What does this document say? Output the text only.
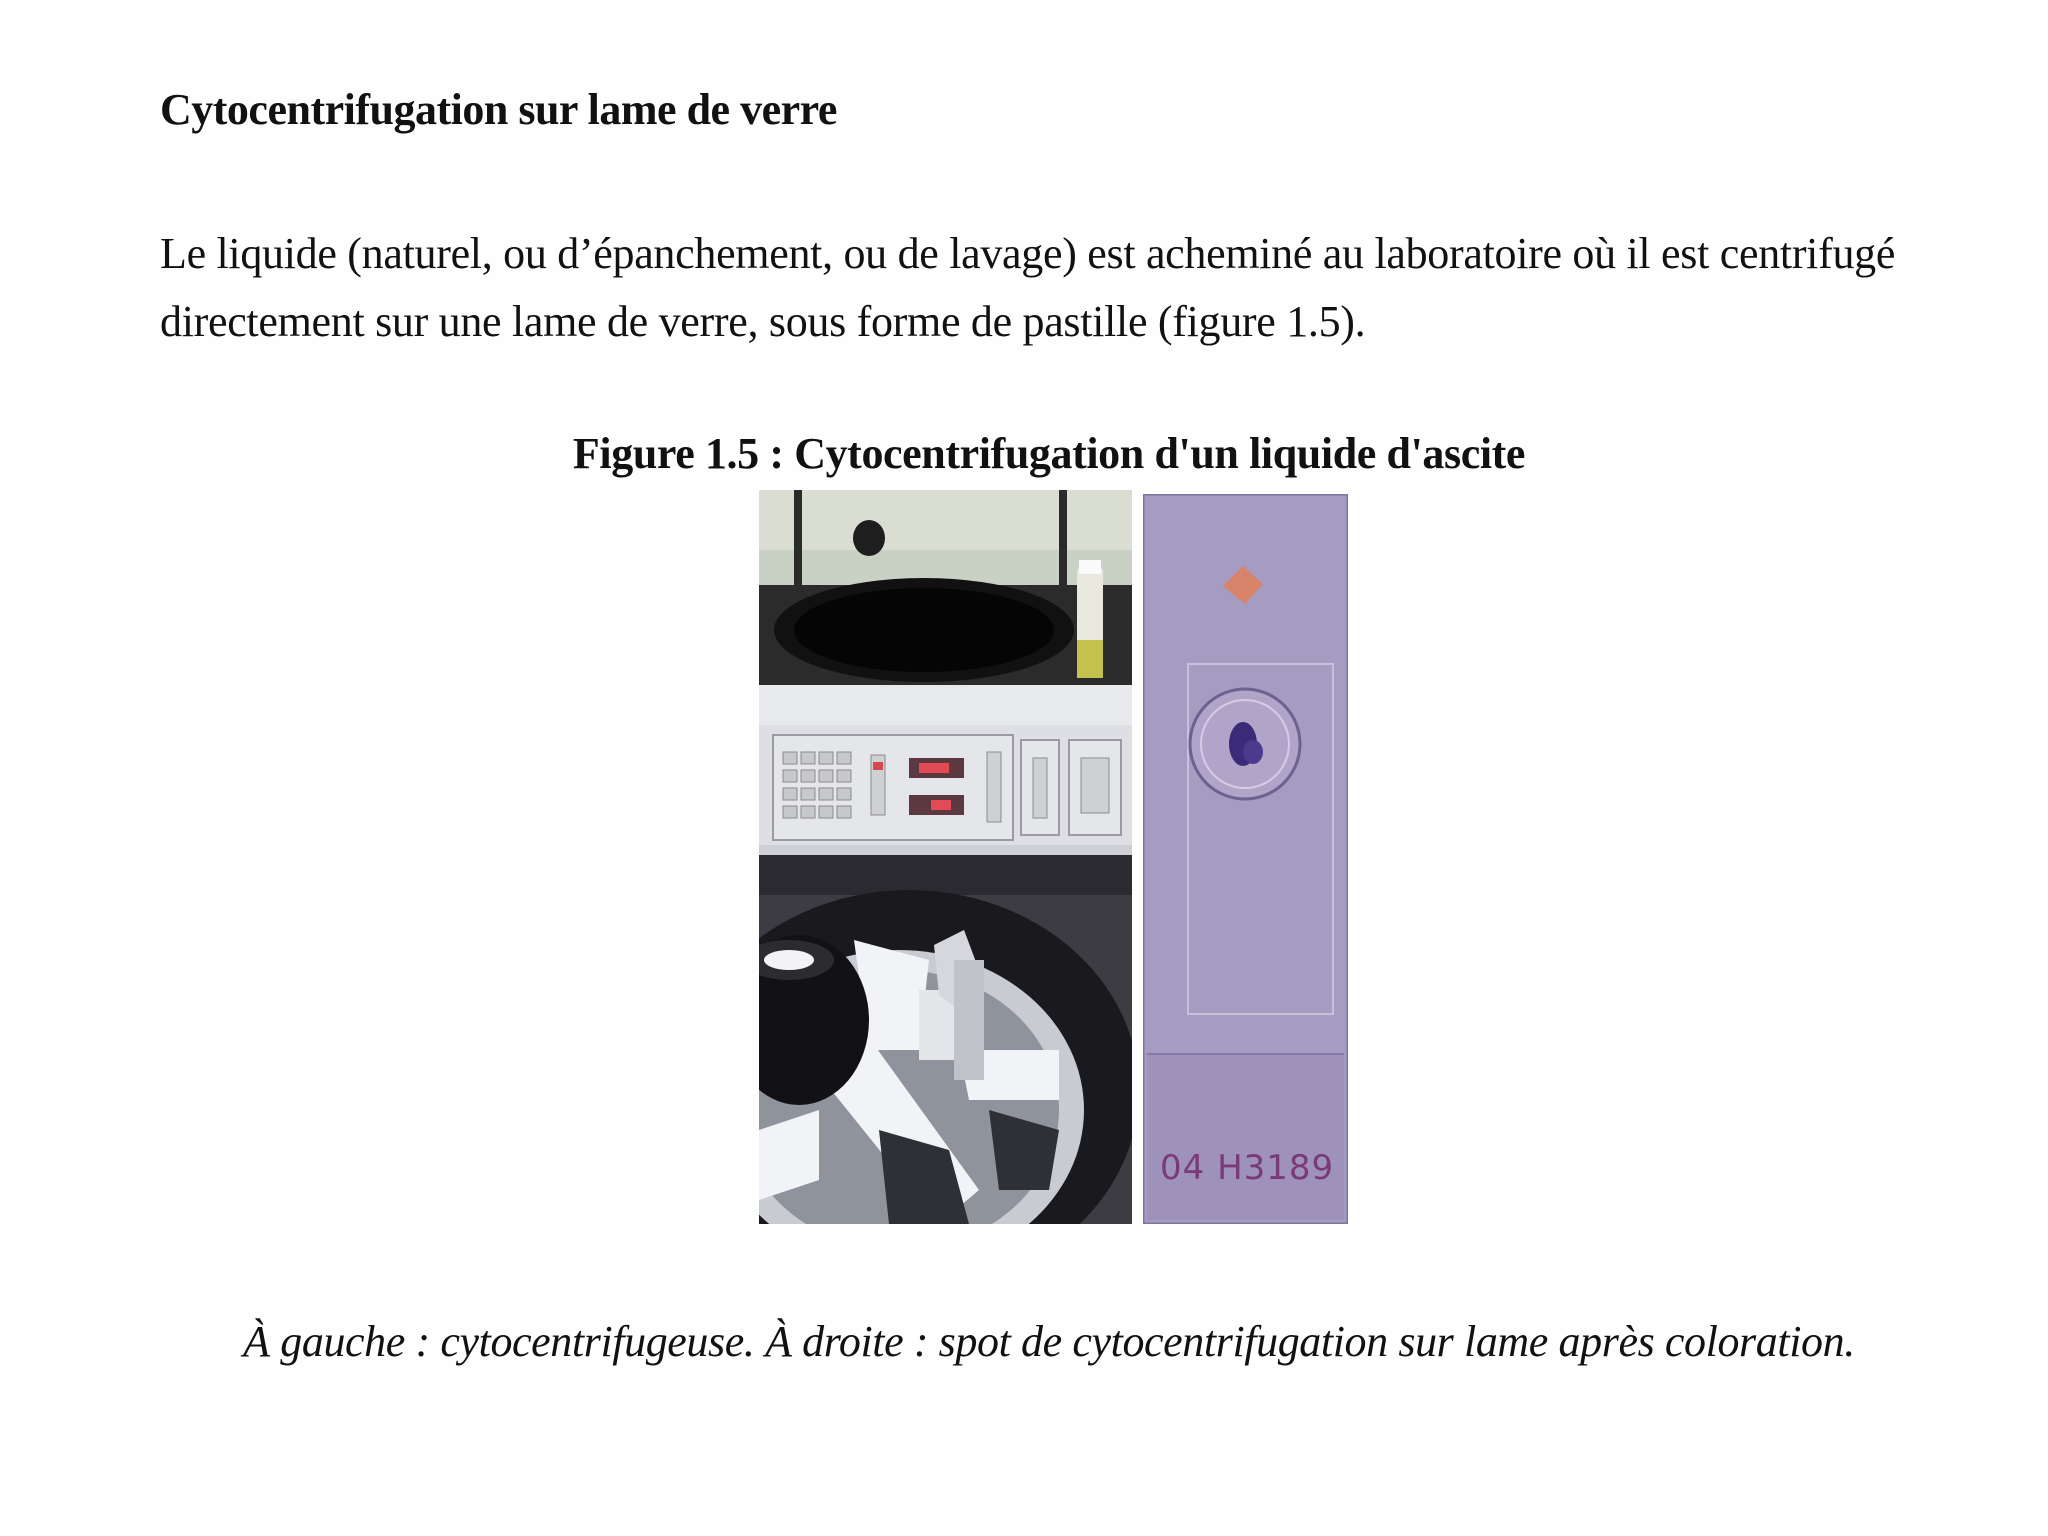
Cytocentrifugation sur lame de verre

Le liquide (naturel, ou d’épanchement, ou de lavage) est acheminé au laboratoire où il est centrifugé
directement sur une lame de verre, sous forme de pastille (figure 1.5).

Figure 1.5 : Cytocentrifugation d'un liquide d'ascite
04 H3189
À gauche : cytocentrifugeuse. À droite : spot de cytocentrifugation sur lame après coloration.
